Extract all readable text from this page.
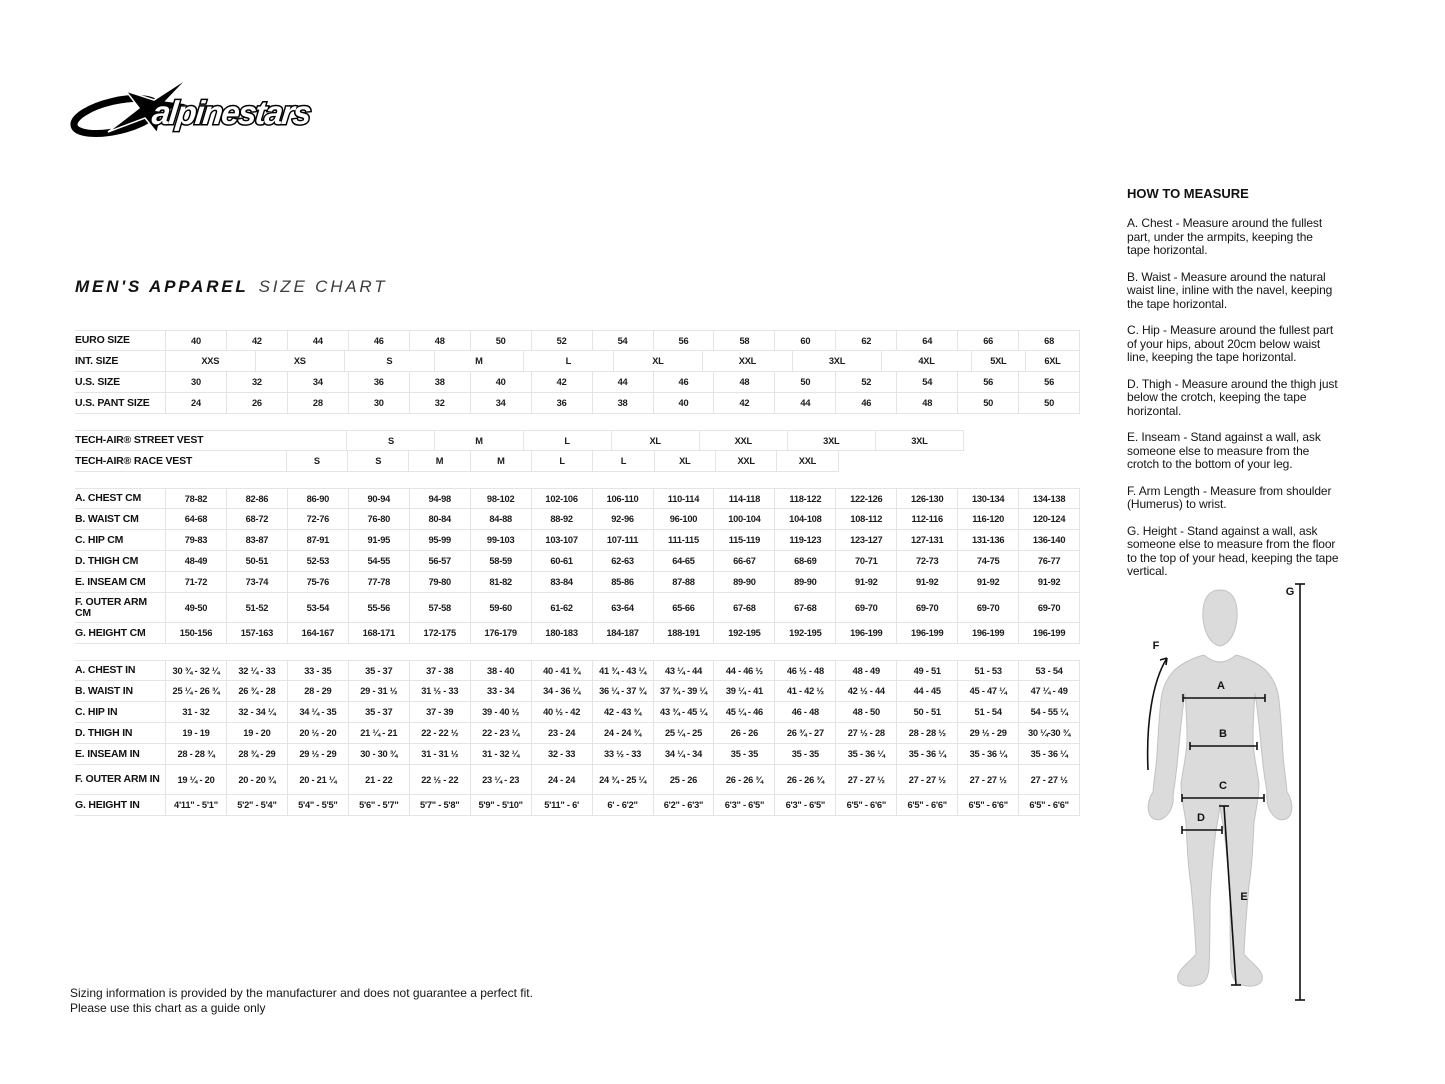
alpinestars
MEN'S APPAREL SIZE CHART
EURO SIZE	40	42	44	46	48	50	52	54	56	58	60	62	64	66	68
INT. SIZE	XXS	XS	S	M	L	XL	XXL	3XL	4XL	5XL	6XL
U.S. SIZE	30	32	34	36	38	40	42	44	46	48	50	52	54	56	56
U.S. PANT SIZE	24	26	28	30	32	34	36	38	40	42	44	46	48	50	50
TECH-AIR® STREET VEST	S	M	L	XL	XXL	3XL	3XL
TECH-AIR® RACE VEST	S	S	M	M	L	L	XL	XXL	XXL
A. CHEST CM	78-82	82-86	86-90	90-94	94-98	98-102	102-106	106-110	110-114	114-118	118-122	122-126	126-130	130-134	134-138
B. WAIST CM	64-68	68-72	72-76	76-80	80-84	84-88	88-92	92-96	96-100	100-104	104-108	108-112	112-116	116-120	120-124
C. HIP CM	79-83	83-87	87-91	91-95	95-99	99-103	103-107	107-111	111-115	115-119	119-123	123-127	127-131	131-136	136-140
D. THIGH CM	48-49	50-51	52-53	54-55	56-57	58-59	60-61	62-63	64-65	66-67	68-69	70-71	72-73	74-75	76-77
E. INSEAM CM	71-72	73-74	75-76	77-78	79-80	81-82	83-84	85-86	87-88	89-90	89-90	91-92	91-92	91-92	91-92
F. OUTER ARM CM	49-50	51-52	53-54	55-56	57-58	59-60	61-62	63-64	65-66	67-68	67-68	69-70	69-70	69-70	69-70
G. HEIGHT CM	150-156	157-163	164-167	168-171	172-175	176-179	180-183	184-187	188-191	192-195	192-195	196-199	196-199	196-199	196-199
A. CHEST IN	30 ¾ - 32 ¼	32 ¼ - 33	33 - 35	35 - 37	37 - 38	38 - 40	40 - 41 ¾	41 ¾ - 43 ¼	43 ¼ - 44	44 - 46 ½	46 ½ - 48	48 - 49	49 - 51	51 - 53	53 - 54
B. WAIST IN	25 ¼ - 26 ¾	26 ¾ - 28	28 - 29	29 - 31 ½	31 ½ - 33	33 - 34	34 - 36 ¼	36 ¼ - 37 ¾	37 ¾ - 39 ¼	39 ¼ - 41	41 - 42 ½	42 ½ - 44	44 - 45	45 - 47 ¼	47 ¼ - 49
C. HIP IN	31 - 32	32 - 34 ¼	34 ¼ - 35	35 - 37	37 - 39	39 - 40 ½	40 ½ - 42	42 - 43 ¾	43 ¾ - 45 ¼	45 ¼ - 46	46 - 48	48 - 50	50 - 51	51 - 54	54 - 55 ¼
D. THIGH IN	19 - 19	19 - 20	20 ½ - 20	21 ¼ - 21	22 - 22 ½	22 - 23 ¼	23 - 24	24 - 24 ¾	25 ¼ - 25	26 - 26	26 ¾ - 27	27 ½ - 28	28 - 28 ½	29 ½ - 29	30 ¼-30 ¾
E. INSEAM IN	28 - 28 ¾	28 ¾ - 29	29 ½ - 29	30 - 30 ¾	31 - 31 ½	31 - 32 ¼	32 - 33	33 ½ - 33	34 ¼ - 34	35 - 35	35 - 35	35 - 36 ¼	35 - 36 ¼	35 - 36 ¼	35 - 36 ¼
F. OUTER ARM IN	19 ¼ - 20	20 - 20 ¾	20 - 21 ¼	21 - 22	22 ½ - 22	23 ¼ - 23	24 - 24	24 ¾ - 25 ¼	25 - 26	26 - 26 ¾	26 - 26 ¾	27 - 27 ½	27 - 27 ½	27 - 27 ½	27 - 27 ½
G. HEIGHT IN	4'11" - 5'1"	5'2" - 5'4"	5'4" - 5'5"	5'6" - 5'7"	5'7" - 5'8"	5'9" - 5'10"	5'11" - 6'	6' - 6'2"	6'2" - 6'3"	6'3" - 6'5"	6'3" - 6'5"	6'5" - 6'6"	6'5" - 6'6"	6'5" - 6'6"	6'5" - 6'6"
HOW TO MEASURE

A. Chest - Measure around the fullest part, under the armpits, keeping the tape horizontal.

B. Waist - Measure around the natural waist line, inline with the navel, keeping the tape horizontal.

C. Hip - Measure around the fullest part of your hips, about 20cm below waist line, keeping the tape horizontal.

D. Thigh - Measure around the thigh just below the crotch, keeping the tape horizontal.

E. Inseam - Stand against a wall, ask someone else to measure from the crotch to the bottom of your leg.

F. Arm Length - Measure from shoulder (Humerus) to wrist.

G. Height - Stand against a wall, ask someone else to measure from the floor to the top of your head, keeping the tape vertical.

A
B
C
D
E
F
G
Sizing information is provided by the manufacturer and does not guarantee a perfect fit.
Please use this chart as a guide only
